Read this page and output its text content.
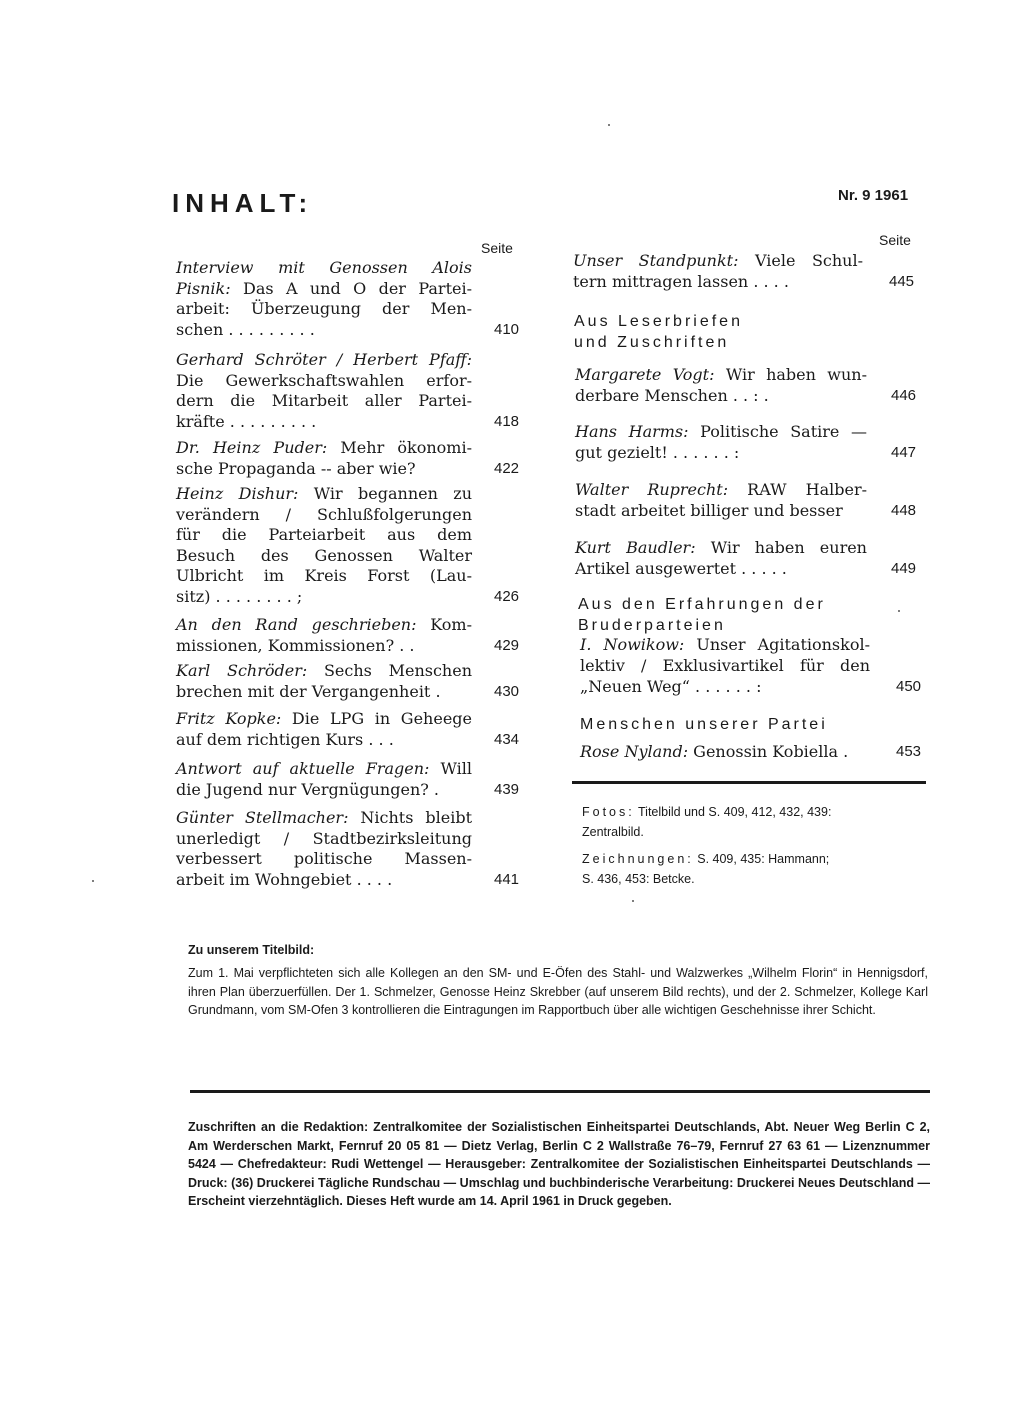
INHALT:	Nr. 9 1961
Seite
Interview mit Genossen Alois
Pisnik: Das A und O der Partei-
arbeit: Überzeugung der Men-
schen . . . . . . . . .	410
Gerhard Schröter / Herbert Pfaff:
Die Gewerkschaftswahlen erfor-
dern die Mitarbeit aller Partei-
kräfte . . . . . . . . .	418
Dr. Heinz Puder: Mehr ökonomi-
sche Propaganda -- aber wie?	422
Heinz Dishur: Wir begannen zu
verändern / Schlußfolgerungen
für die Parteiarbeit aus dem
Besuch des Genossen Walter
Ulbricht im Kreis Forst (Lau-
sitz) . . . . . . . . ;	426
An den Rand geschrieben: Kom-
missionen, Kommissionen? . .	429
Karl Schröder: Sechs Menschen
brechen mit der Vergangenheit .	430
Fritz Kopke: Die LPG in Geheege
auf dem richtigen Kurs . . .	434
Antwort auf aktuelle Fragen: Will
die Jugend nur Vergnügungen? .	439
Günter Stellmacher: Nichts bleibt
unerledigt / Stadtbezirksleitung
verbessert politische Massen-
arbeit im Wohngebiet . . . .	441
Seite
Unser Standpunkt: Viele Schul-
tern mittragen lassen . . . .	445
Aus Leserbriefen
und Zuschriften
Margarete Vogt: Wir haben wun-
derbare Menschen . . : .	446
Hans Harms: Politische Satire —
gut gezielt! . . . . . . :	447
Walter Ruprecht: RAW Halber-
stadt arbeitet billiger und besser	448
Kurt Baudler: Wir haben euren
Artikel ausgewertet . . . . .	449
Aus den Erfahrungen der
Bruderparteien
I. Nowikow: Unser Agitationskol-
lektiv / Exklusivartikel für den
„Neuen Weg“ . . . . . . :	450
Menschen unserer Partei
Rose Nyland: Genossin Kobiella .	453
Fotos: Titelbild und S. 409, 412, 432, 439:
Zentralbild.
Zeichnungen: S. 409, 435: Hammann;
S. 436, 453: Betcke.
Zu unserem Titelbild:
Zum 1. Mai verpflichteten sich alle Kollegen an den SM- und E-Öfen des Stahl- und Walzwerkes „Wilhelm Florin“ in Hennigsdorf, ihren Plan überzuerfüllen. Der 1. Schmelzer, Genosse Heinz Skrebber (auf unserem Bild rechts), und der 2. Schmelzer, Kollege Karl Grundmann, vom SM-Ofen 3 kontrollieren die Eintragungen im Rapportbuch über alle wichtigen Geschehnisse ihrer Schicht.
Zuschriften an die Redaktion: Zentralkomitee der Sozialistischen Einheitspartei Deutschlands, Abt. Neuer Weg Berlin C 2, Am Werderschen Markt, Fernruf 20 05 81 — Dietz Verlag, Berlin C 2 Wallstraße 76–79, Fernruf 27 63 61 — Lizenznummer 5424 — Chefredakteur: Rudi Wettengel — Herausgeber: Zentralkomitee der Sozialistischen Einheitspartei Deutschlands — Druck: (36) Druckerei Tägliche Rundschau — Umschlag und buchbinderische Verarbeitung: Druckerei Neues Deutschland — Erscheint vierzehntäglich. Dieses Heft wurde am 14. April 1961 in Druck gegeben.
